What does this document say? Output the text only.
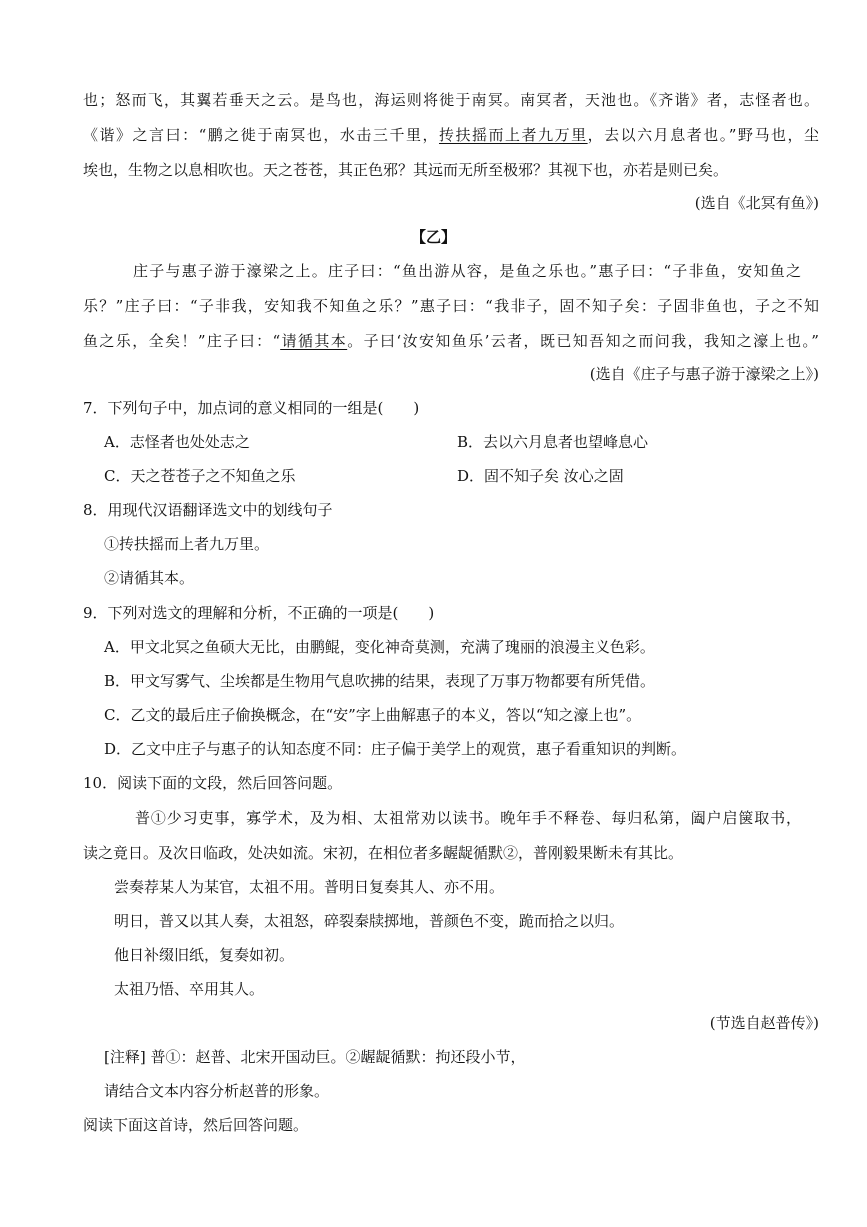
也；怒而飞，其翼若垂天之云。是鸟也，海运则将徙于南冥。南冥者，天池也。《齐谐》者，志怪者也。
《谐》之言曰：“鹏之徙于南冥也，水击三千里，抟扶摇而上者九万里，去以六月息者也。”野马也，尘
埃也，生物之以息相吹也。天之苍苍，其正色邪？其远而无所至极邪？其视下也，亦若是则已矣。
(选自《北冥有鱼》)
【乙】
庄子与惠子游于濠梁之上。庄子曰：“鱼出游从容，是鱼之乐也。”惠子曰：“子非鱼，安知鱼之
乐？”庄子曰：“子非我，安知我不知鱼之乐？”惠子曰：“我非子，固不知子矣：子固非鱼也，子之不知
鱼之乐，全矣！”庄子曰：“请循其本。子曰‘汝安知鱼乐’云者，既已知吾知之而问我，我知之濠上也。”
(选自《庄子与惠子游于濠梁之上》)
7．下列句子中，加点词的意义相同的一组是(　　)
A．志怪者也处处志之	B．去以六月息者也望峰息心
C．天之苍苍子之不知鱼之乐	D．固不知子矣 汝心之固
8．用现代汉语翻译选文中的划线句子
①抟扶摇而上者九万里。
②请循其本。
9．下列对选文的理解和分析，不正确的一项是(　　)
A．甲文北冥之鱼硕大无比，由鹏鲲，变化神奇莫测，充满了瑰丽的浪漫主义色彩。
B．甲文写雾气、尘埃都是生物用气息吹拂的结果，表现了万事万物都要有所凭借。
C．乙文的最后庄子偷换概念，在“安”字上曲解惠子的本义，答以“知之濠上也”。
D．乙文中庄子与惠子的认知态度不同：庄子偏于美学上的观赏，惠子看重知识的判断。
10．阅读下面的文段，然后回答问题。
普①少习吏事，寡学术，及为相、太祖常劝以读书。晚年手不释卷、每归私第，阖户启箧取书，
读之竟日。及次日临政，处决如流。宋初，在相位者多龌龊循默②，普刚毅果断未有其比。
尝奏荐某人为某官，太祖不用。普明日复奏其人、亦不用。
明日，普又以其人奏，太祖怒，碎裂秦牍掷地，普颜色不变，跪而拾之以归。
他日补缀旧纸，复奏如初。
太祖乃悟、卒用其人。
(节选自赵普传》)
[注释] 普①：赵普、北宋开国动巨。②龌龊循默：拘还段小节，
请结合文本内容分析赵普的形象。
阅读下面这首诗，然后回答问题。
